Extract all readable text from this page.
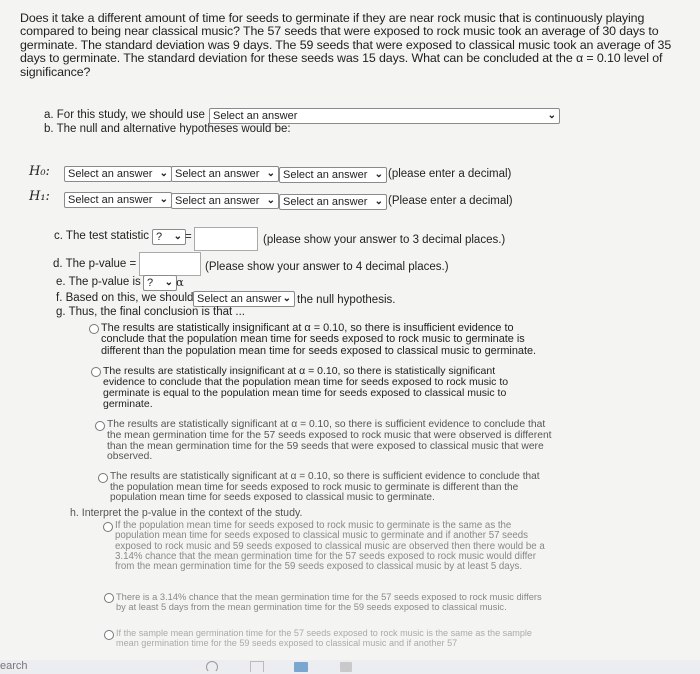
Does it take a different amount of time for seeds to germinate if they are near rock music that is continuously playing compared to being near classical music? The 57 seeds that were exposed to rock music took an average of 30 days to germinate. The standard deviation was 9 days. The 59 seeds that were exposed to classical music took an average of 35 days to germinate. The standard deviation for these seeds was 15 days. What can be concluded at the α = 0.10 level of significance?
a. For this study, we should use Select an answer	⌄
b. The null and alternative hypotheses would be:
H₀:	Select an answer ⌄ Select an answer ⌄ Select an answer ⌄ (please enter a decimal)
H₁:	Select an answer ⌄ Select an answer ⌄ Select an answer ⌄ (Please enter a decimal)
c. The test statistic ? ⌄ =	(please show your answer to 3 decimal places.)
d. The p-value =	(Please show your answer to 4 decimal places.)
e. The p-value is ? ⌄ α
f. Based on this, we should Select an answer ⌄ the null hypothesis.
g. Thus, the final conclusion is that ...
The results are statistically insignificant at α = 0.10, so there is insufficient evidence to conclude that the population mean time for seeds exposed to rock music to germinate is different than the population mean time for seeds exposed to classical music to germinate.
The results are statistically insignificant at α = 0.10, so there is statistically significant evidence to conclude that the population mean time for seeds exposed to rock music to germinate is equal to the population mean time for seeds exposed to classical music to germinate.
The results are statistically significant at α = 0.10, so there is sufficient evidence to conclude that the mean germination time for the 57 seeds exposed to rock music that were observed is different than the mean germination time for the 59 seeds that were exposed to classical music that were observed.
The results are statistically significant at α = 0.10, so there is sufficient evidence to conclude that the population mean time for seeds exposed to rock music to germinate is different than the population mean time for seeds exposed to classical music to germinate.
h. Interpret the p-value in the context of the study.
If the population mean time for seeds exposed to rock music to germinate is the same as the population mean time for seeds exposed to classical music to germinate and if another 57 seeds exposed to rock music and 59 seeds exposed to classical music are observed then there would be a 3.14% chance that the mean germination time for the 57 seeds exposed to rock music would differ from the mean germination time for the 59 seeds exposed to classical music by at least 5 days.
There is a 3.14% chance that the mean germination time for the 57 seeds exposed to rock music differs by at least 5 days from the mean germination time for the 59 seeds exposed to classical music.
If the sample mean germination time for the 57 seeds exposed to rock music is the same as the sample mean germination time for the 59 seeds exposed to classical music and if another 57
earch
